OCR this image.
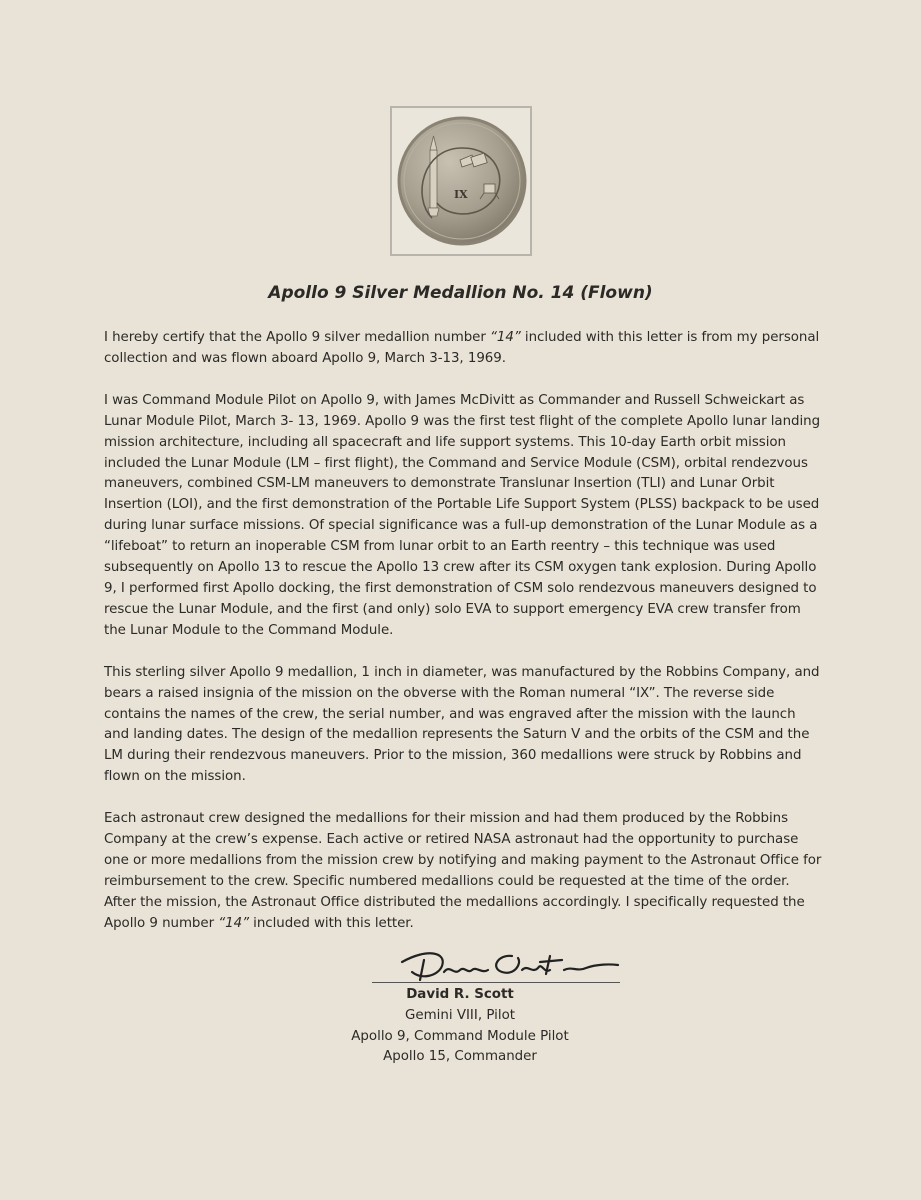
IX
Apollo 9 Silver Medallion No. 14 (Flown)

I hereby certify that the Apollo 9 silver medallion number “14” included with this letter is from my personal collection and was flown aboard Apollo 9, March 3-13, 1969.

I was Command Module Pilot on Apollo 9, with James McDivitt as Commander and Russell Schweickart as Lunar Module Pilot, March 3- 13, 1969. Apollo 9 was the first test flight of the complete Apollo lunar landing mission architecture, including all spacecraft and life support systems. This 10-day Earth orbit mission included the Lunar Module (LM – first flight), the Command and Service Module (CSM), orbital rendezvous maneuvers, combined CSM-LM maneuvers to demonstrate Translunar Insertion (TLI) and Lunar Orbit Insertion (LOI), and the first demonstration of the Portable Life Support System (PLSS) backpack to be used during lunar surface missions. Of special significance was a full-up demonstration of the Lunar Module as a “lifeboat” to return an inoperable CSM from lunar orbit to an Earth reentry – this technique was used subsequently on Apollo 13 to rescue the Apollo 13 crew after its CSM oxygen tank explosion. During Apollo 9, I performed first Apollo docking, the first demonstration of CSM solo rendezvous maneuvers designed to rescue the Lunar Module, and the first (and only) solo EVA to support emergency EVA crew transfer from the Lunar Module to the Command Module.

This sterling silver Apollo 9 medallion, 1 inch in diameter, was manufactured by the Robbins Company, and bears a raised insignia of the mission on the obverse with the Roman numeral “IX”. The reverse side contains the names of the crew, the serial number, and was engraved after the mission with the launch and landing dates. The design of the medallion represents the Saturn V and the orbits of the CSM and the LM during their rendezvous maneuvers. Prior to the mission, 360 medallions were struck by Robbins and flown on the mission.

Each astronaut crew designed the medallions for their mission and had them produced by the Robbins Company at the crew’s expense. Each active or retired NASA astronaut had the opportunity to purchase one or more medallions from the mission crew by notifying and making payment to the Astronaut Office for reimbursement to the crew. Specific numbered medallions could be requested at the time of the order. After the mission, the Astronaut Office distributed the medallions accordingly. I specifically requested the Apollo 9 number “14” included with this letter.

David R. Scott
Gemini VIII, Pilot
Apollo 9, Command Module Pilot
Apollo 15, Commander
